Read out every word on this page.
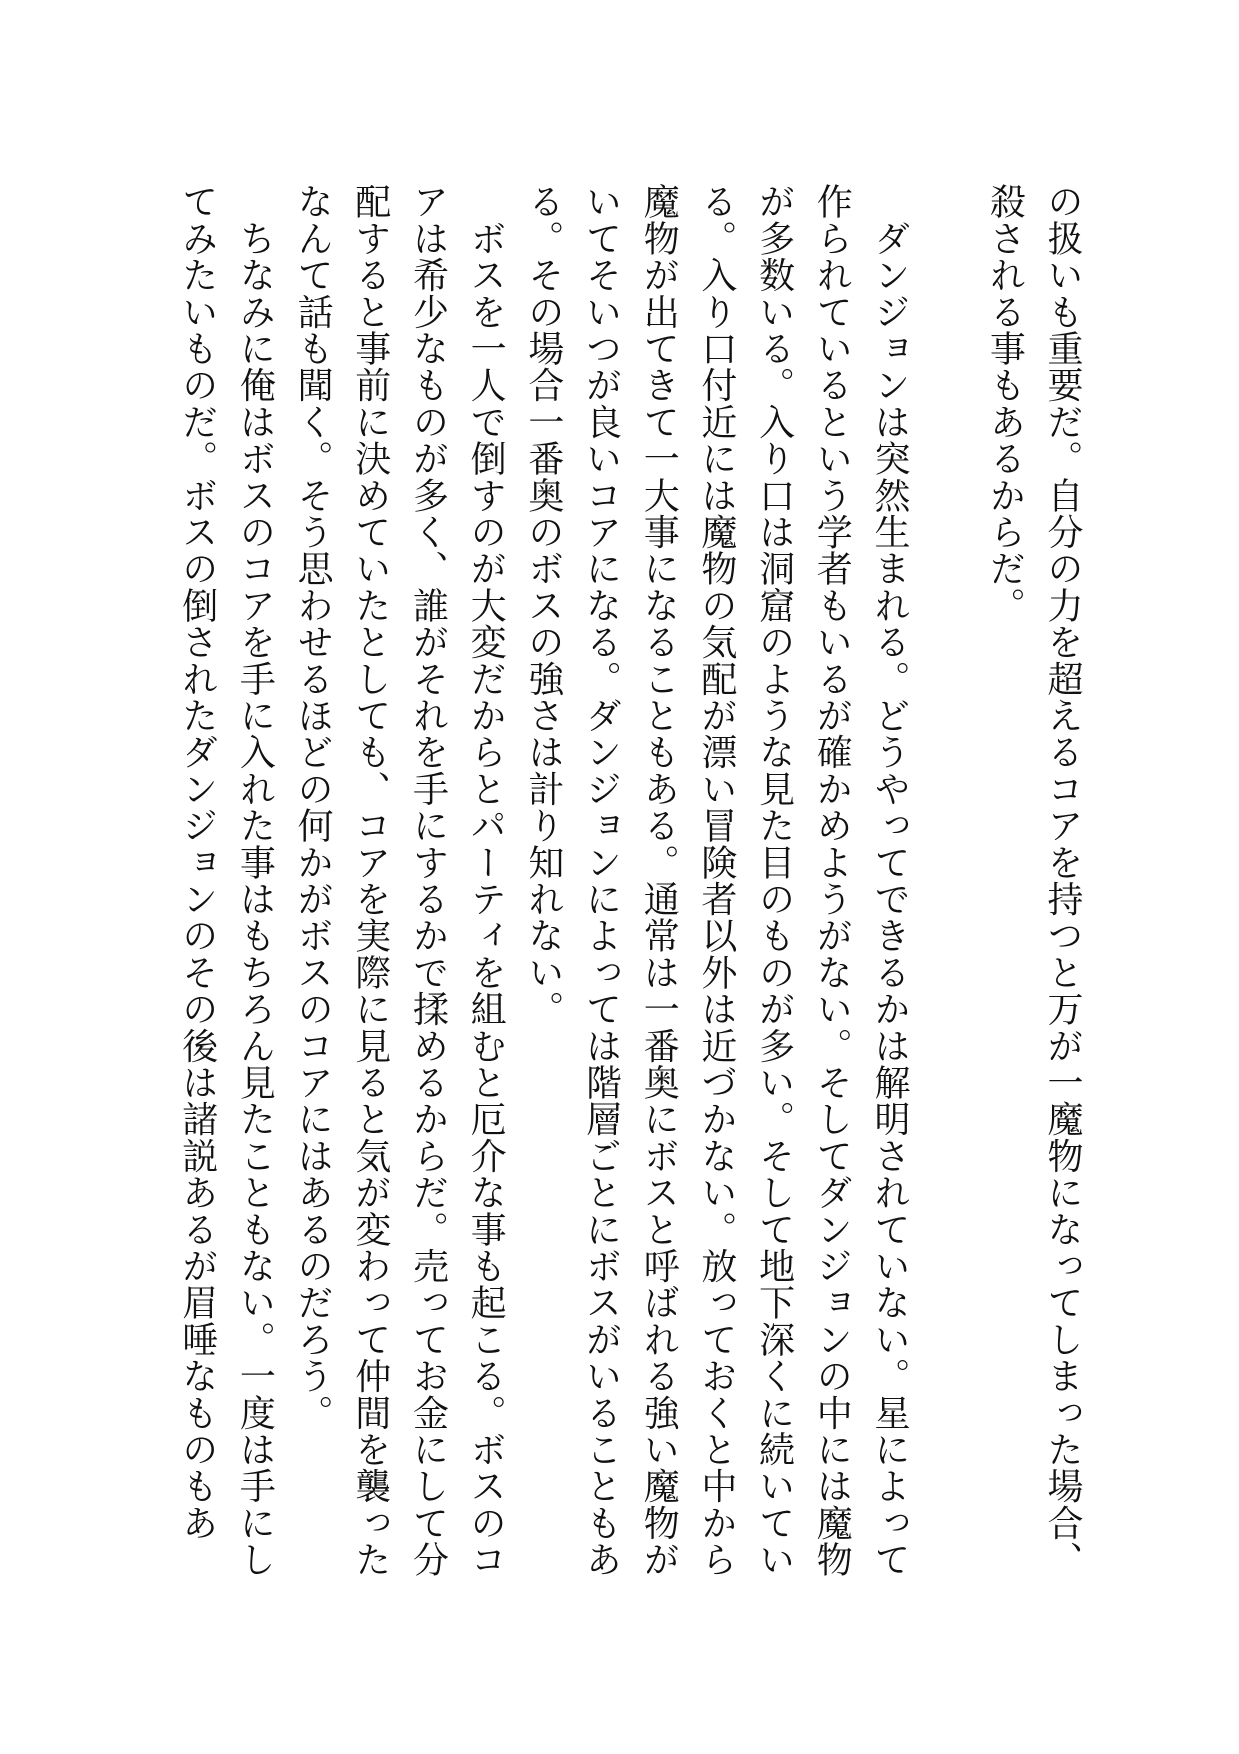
の扱いも重要だ。自分の力を超えるコアを持つと万が一魔物になってしまった場合、
殺される事もあるからだ。
　ダンジョンは突然生まれる。どうやってできるかは解明されていない。星によって
作られているという学者もいるが確かめようがない。そしてダンジョンの中には魔物
が多数いる。入り口は洞窟のような見た目のものが多い。そして地下深くに続いてい
る。入り口付近には魔物の気配が漂い冒険者以外は近づかない。放っておくと中から
魔物が出てきて一大事になることもある。通常は一番奥にボスと呼ばれる強い魔物が
いてそいつが良いコアになる。ダンジョンによっては階層ごとにボスがいることもあ
る。その場合一番奥のボスの強さは計り知れない。
　ボスを一人で倒すのが大変だからとパーティを組むと厄介な事も起こる。ボスのコ
アは希少なものが多く、誰がそれを手にするかで揉めるからだ。売ってお金にして分
配すると事前に決めていたとしても、コアを実際に見ると気が変わって仲間を襲った
なんて話も聞く。そう思わせるほどの何かがボスのコアにはあるのだろう。
　ちなみに俺はボスのコアを手に入れた事はもちろん見たこともない。一度は手にし
てみたいものだ。ボスの倒されたダンジョンのその後は諸説あるが眉唾なものもあ
